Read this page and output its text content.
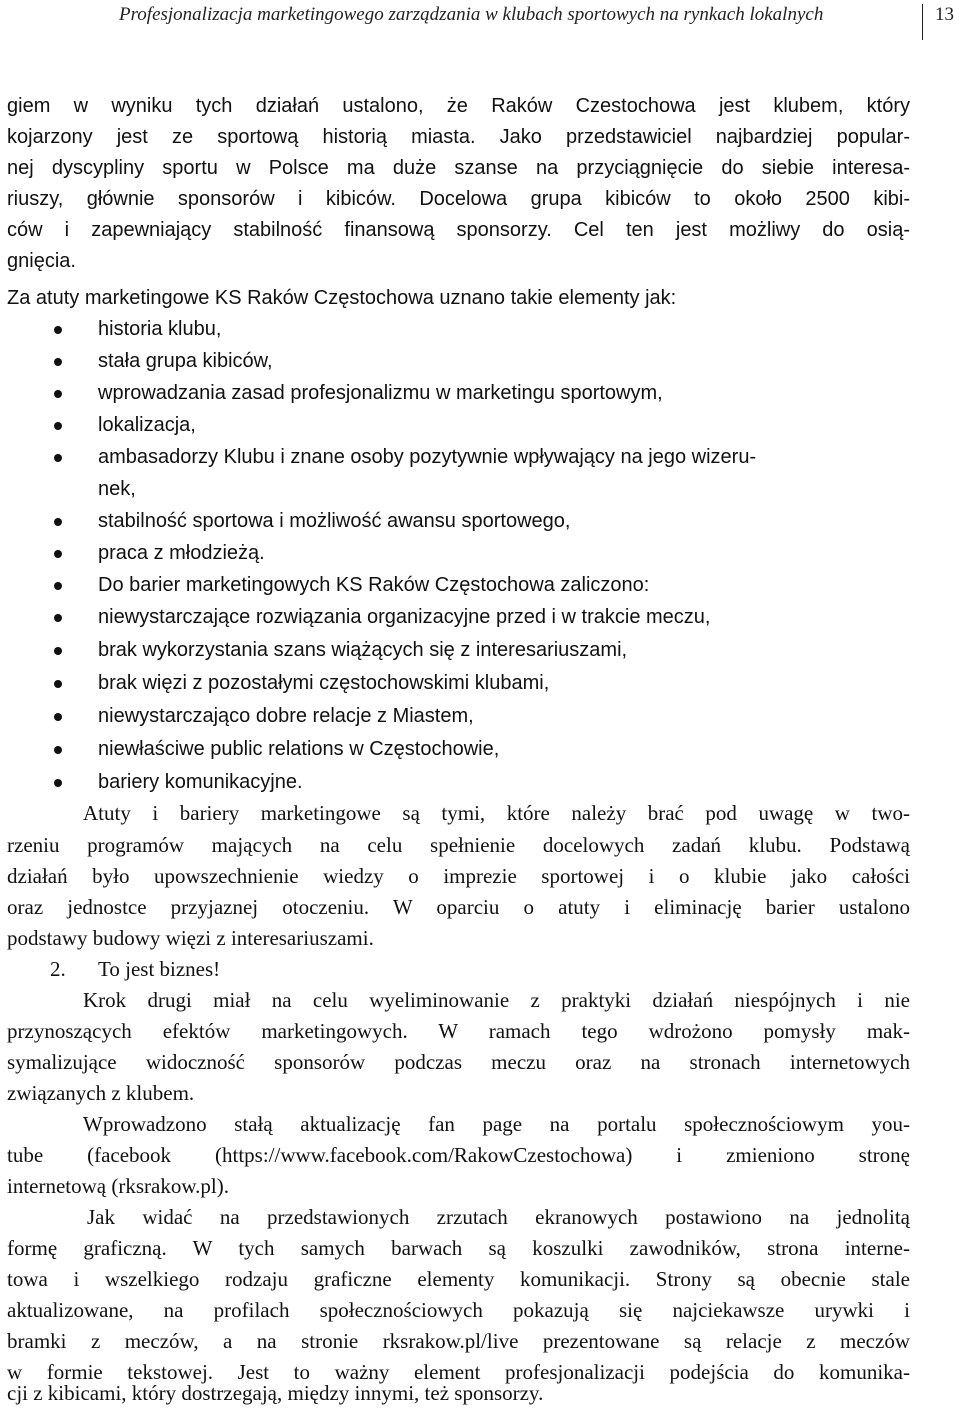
Profesjonalizacja marketingowego zarządzania w klubach sportowych na rynkach lokalnych	13
giem w wyniku tych działań ustalono, że Raków Czestochowa jest klubem, który
kojarzony jest ze sportową historią miasta. Jako przedstawiciel najbardziej popular-
nej dyscypliny sportu w Polsce ma duże szanse na przyciągnięcie do siebie interesa-
riuszy, głównie sponsorów i kibiców. Docelowa grupa kibiców to około 2500 kibi-
ców i zapewniający stabilność finansową sponsorzy. Cel ten jest możliwy do osią-
gnięcia.
Za atuty marketingowe KS Raków Częstochowa uznano takie elementy jak:
historia klubu,
stała grupa kibiców,
wprowadzania zasad profesjonalizmu w marketingu sportowym,
lokalizacja,
ambasadorzy Klubu i znane osoby pozytywnie wpływający na jego wizeru-
nek,
stabilność sportowa i możliwość awansu sportowego,
praca z młodzieżą.
Do barier marketingowych KS Raków Częstochowa zaliczono:
niewystarczające rozwiązania organizacyjne przed i w trakcie meczu,
brak wykorzystania szans wiążących się z interesariuszami,
brak więzi z pozostałymi częstochowskimi klubami,
niewystarczająco dobre relacje z Miastem,
niewłaściwe public relations w Częstochowie,
bariery komunikacyjne.
Atuty i bariery marketingowe są tymi, które należy brać pod uwagę w two-
rzeniu programów mających na celu spełnienie docelowych zadań klubu. Podstawą
działań było upowszechnienie wiedzy o imprezie sportowej i o klubie jako całości
oraz jednostce przyjaznej otoczeniu. W oparciu o atuty i eliminację barier ustalono
podstawy budowy więzi z interesariuszami.
2. To jest biznes!
Krok drugi miał na celu wyeliminowanie z praktyki działań niespójnych i nie
przynoszących efektów marketingowych. W ramach tego wdrożono pomysły mak-
symalizujące widoczność sponsorów podczas meczu oraz na stronach internetowych
związanych z klubem.
Wprowadzono stałą aktualizację fan page na portalu społecznościowym you-
tube (facebook (https://www.facebook.com/RakowCzestochowa) i zmieniono stronę
internetową (rksrakow.pl).
Jak widać na przedstawionych zrzutach ekranowych postawiono na jednolitą
formę graficzną. W tych samych barwach są koszulki zawodników, strona interne-
towa i wszelkiego rodzaju graficzne elementy komunikacji. Strony są obecnie stale
aktualizowane, na profilach społecznościowych pokazują się najciekawsze urywki i
bramki z meczów, a na stronie rksrakow.pl/live prezentowane są relacje z meczów
w formie tekstowej. Jest to ważny element profesjonalizacji podejścia do komunika-
cji z kibicami, który dostrzegają, między innymi, też sponsorzy.
